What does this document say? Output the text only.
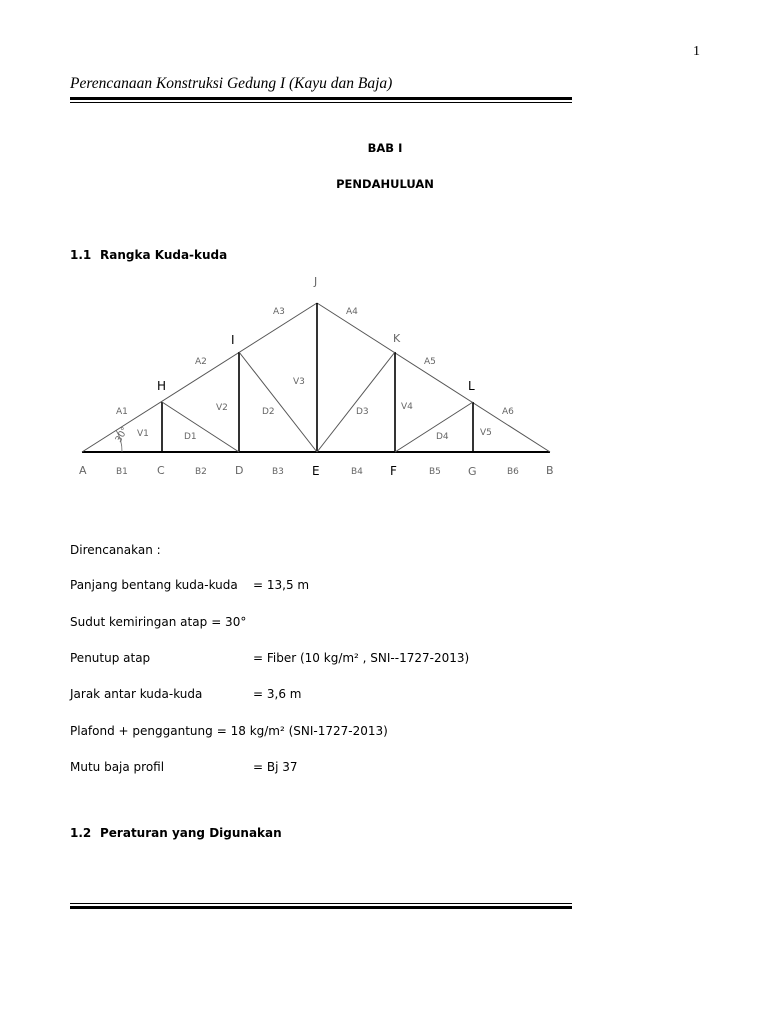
1
Perencanaan Konstruksi Gedung I (Kayu dan Baja)
BAB I
PENDAHULUAN
1.1 Rangka Kuda-kuda
30°
A	C	D	E	F	G	B
H
I
J
K
L
B1	B2	B3	B4	B5	B6
A1
A2
A3	A4
A5
A6
V1
V2
V3
V4
V5
D1
D2	D3
D4
Direncanakan :
Panjang bentang kuda-kuda = 13,5 m
Sudut kemiringan atap = 30°
Penutup atap	= Fiber (10 kg/m² , SNI--1727-2013)
Jarak antar kuda-kuda	= 3,6 m
Plafond + penggantung = 18 kg/m² (SNI-1727-2013)
Mutu baja profil	= Bj 37
1.2 Peraturan yang Digunakan
